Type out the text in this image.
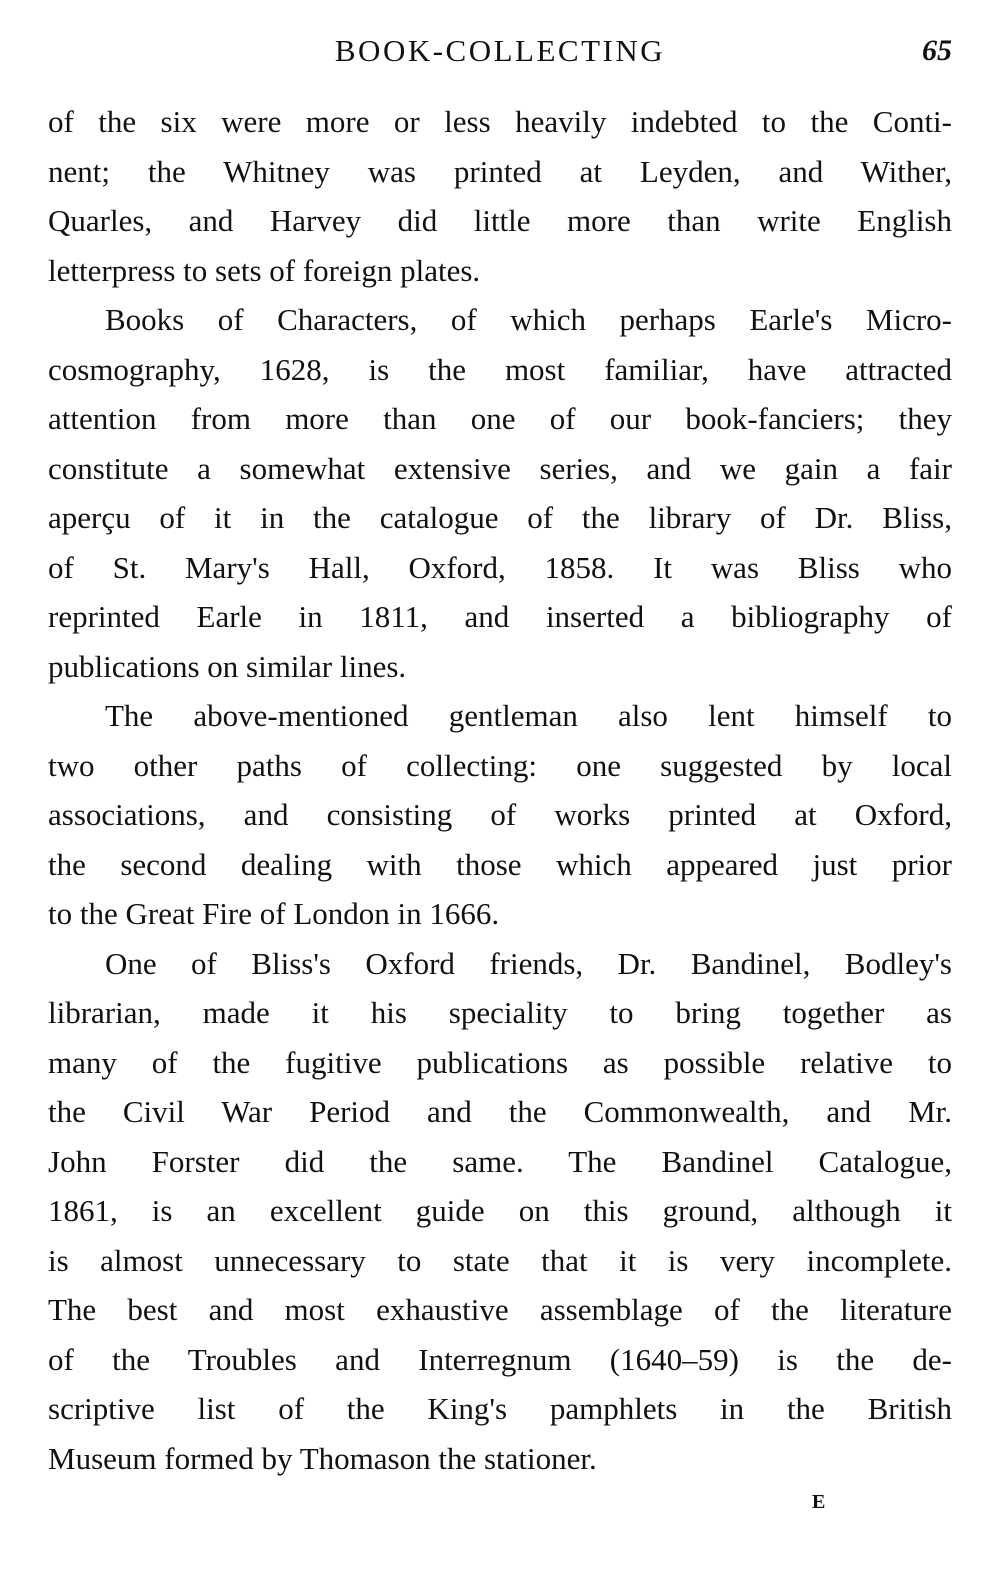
BOOK-COLLECTING	65
of the six were more or less heavily indebted to the Conti-
nent; the Whitney was printed at Leyden, and Wither,
Quarles, and Harvey did little more than write English
letterpress to sets of foreign plates.
Books of Characters, of which perhaps Earle's Micro-
cosmography, 1628, is the most familiar, have attracted
attention from more than one of our book-fanciers; they
constitute a somewhat extensive series, and we gain a fair
aperçu of it in the catalogue of the library of Dr. Bliss,
of St. Mary's Hall, Oxford, 1858. It was Bliss who
reprinted Earle in 1811, and inserted a bibliography of
publications on similar lines.
The above-mentioned gentleman also lent himself to
two other paths of collecting: one suggested by local
associations, and consisting of works printed at Oxford,
the second dealing with those which appeared just prior
to the Great Fire of London in 1666.
One of Bliss's Oxford friends, Dr. Bandinel, Bodley's
librarian, made it his speciality to bring together as
many of the fugitive publications as possible relative to
the Civil War Period and the Commonwealth, and Mr.
John Forster did the same. The Bandinel Catalogue,
1861, is an excellent guide on this ground, although it
is almost unnecessary to state that it is very incomplete.
The best and most exhaustive assemblage of the literature
of the Troubles and Interregnum (1640–59) is the de-
scriptive list of the King's pamphlets in the British
Museum formed by Thomason the stationer.
E
